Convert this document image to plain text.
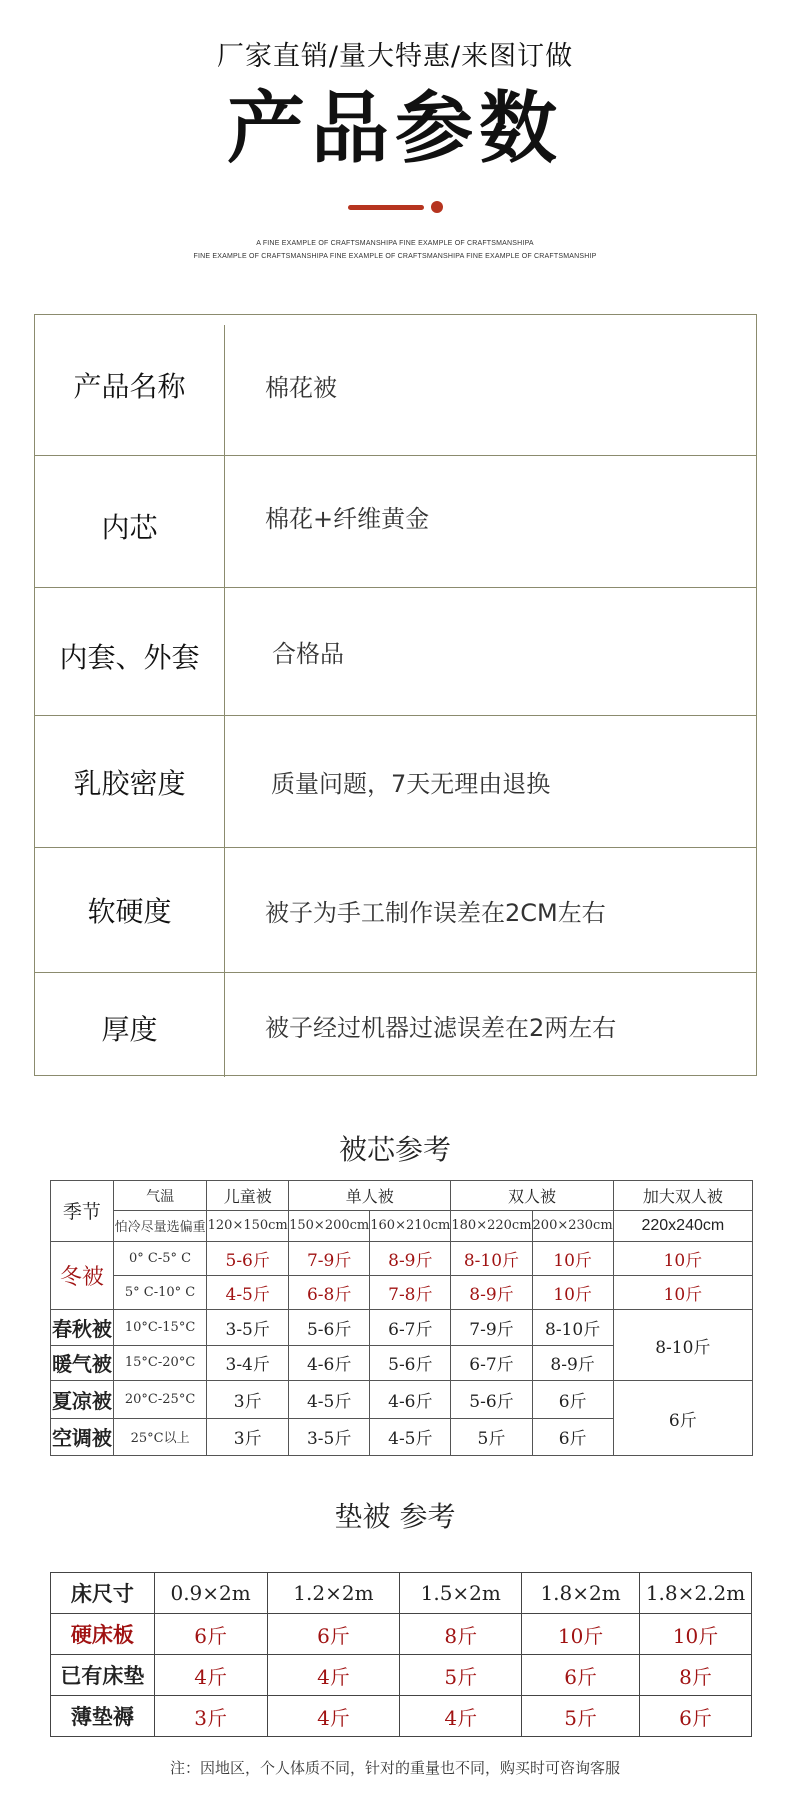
厂家直销/量大特惠/来图订做
产品参数
A FINE EXAMPLE OF CRAFTSMANSHIPA FINE EXAMPLE OF CRAFTSMANSHIPA
FINE EXAMPLE OF CRAFTSMANSHIPA FINE EXAMPLE OF CRAFTSMANSHIPA FINE EXAMPLE OF CRAFTSMANSHIP
产品名称	棉花被
内芯	棉花+纤维黄金
内套、外套	合格品
乳胶密度	质量问题，7天无理由退换
软硬度	被子为手工制作误差在2CM左右
厚度	被子经过机器过滤误差在2两左右
被芯参考
季节	气温	儿童被	单人被		双人被		加大双人被
	怕冷尽量选偏重	120×150cm	150×200cm	160×210cm	180×220cm	200×230cm	220x240cm
冬被	0° C-5° C	5-6斤	7-9斤	8-9斤	8-10斤	10斤	10斤
	5° C-10° C	4-5斤	6-8斤	7-8斤	8-9斤	10斤	10斤
春秋被	10°C-15°C	3-5斤	5-6斤	6-7斤	7-9斤	8-10斤	8-10斤
暖气被	15°C-20°C	3-4斤	4-6斤	5-6斤	6-7斤	8-9斤	
夏凉被	20°C-25°C	3斤	4-5斤	4-6斤	5-6斤	6斤	6斤
空调被	25°C以上	3斤	3-5斤	4-5斤	5斤	6斤	
垫被 参考
床尺寸	0.9×2m	1.2×2m	1.5×2m	1.8×2m	1.8×2.2m
硬床板	6斤	6斤	8斤	10斤	10斤
已有床垫	4斤	4斤	5斤	6斤	8斤
薄垫褥	3斤	4斤	4斤	5斤	6斤
注：因地区，个人体质不同，针对的重量也不同，购买时可咨询客服
